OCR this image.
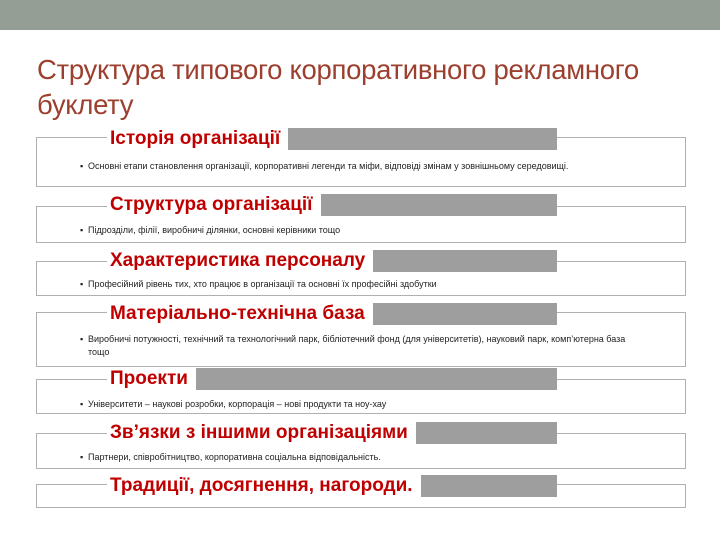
Структура типового корпоративного рекламного буклету
Історія організації
▪ Основні етапи становлення організації, корпоративні легенди та міфи, відповіді змінам у зовнішньому середовищі.
Структура організації
▪ Підрозділи, філії, виробничі ділянки, основні керівники тощо
Характеристика персоналу
▪ Професійний рівень тих, хто працює в організації та основні їх професійні здобутки
Матеріально-технічна база
▪ Виробничі потужності, технічний та технологічний парк, бібліотечний фонд (для університетів), науковий парк, комп’ютерна база тощо
Проекти
▪ Університети – наукові розробки, корпорація – нові продукти та ноу-хау
Зв’язки з іншими організаціями
▪ Партнери, співробітництво, корпоративна соціальна відповідальність.
Традиції, досягнення, нагороди.
